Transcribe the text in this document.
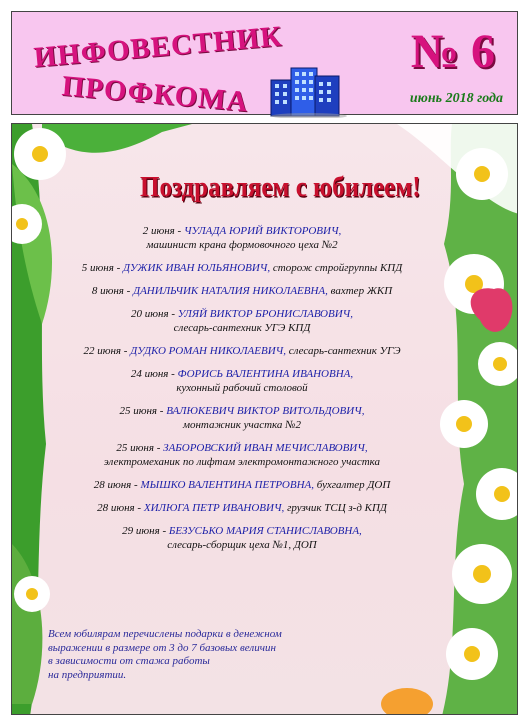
ИНФОВЕСТНИК
ПРОФКОМА
№ 6
июнь 2018 года
Поздравляем с юбилеем!
2 июня - ЧУЛАДА ЮРИЙ ВИКТОРОВИЧ,
машинист крана формовочного цеха №2
5 июня - ДУЖИК ИВАН ЮЛЬЯНОВИЧ, сторож стройгруппы КПД
8 июня - ДАНИЛЬЧИК НАТАЛИЯ НИКОЛАЕВНА, вахтер ЖКП
20 июня - УЛЯЙ ВИКТОР БРОНИСЛАВОВИЧ,
слесарь-сантехник УГЭ КПД
22 июня - ДУДКО РОМАН НИКОЛАЕВИЧ, слесарь-сантехник УГЭ
24 июня - ФОРИСЬ ВАЛЕНТИНА ИВАНОВНА,
кухонный рабочий столовой
25 июня - ВАЛЮКЕВИЧ ВИКТОР ВИТОЛЬДОВИЧ,
монтажник участка №2
25 июня - ЗАБОРОВСКИЙ ИВАН МЕЧИСЛАВОВИЧ,
электромеханик по лифтам электромонтажного участка
28 июня - МЫШКО ВАЛЕНТИНА ПЕТРОВНА, бухгалтер ДОП
28 июня - ХИЛЮГА ПЕТР ИВАНОВИЧ, грузчик ТСЦ з-д КПД
29 июня - БЕЗУСЬКО МАРИЯ СТАНИСЛАВОВНА,
слесарь-сборщик цеха №1, ДОП
Всем юбилярам перечислены подарки в денежном
выражении в размере от 3 до 7 базовых величин
в зависимости от стажа работы
на предприятии.
